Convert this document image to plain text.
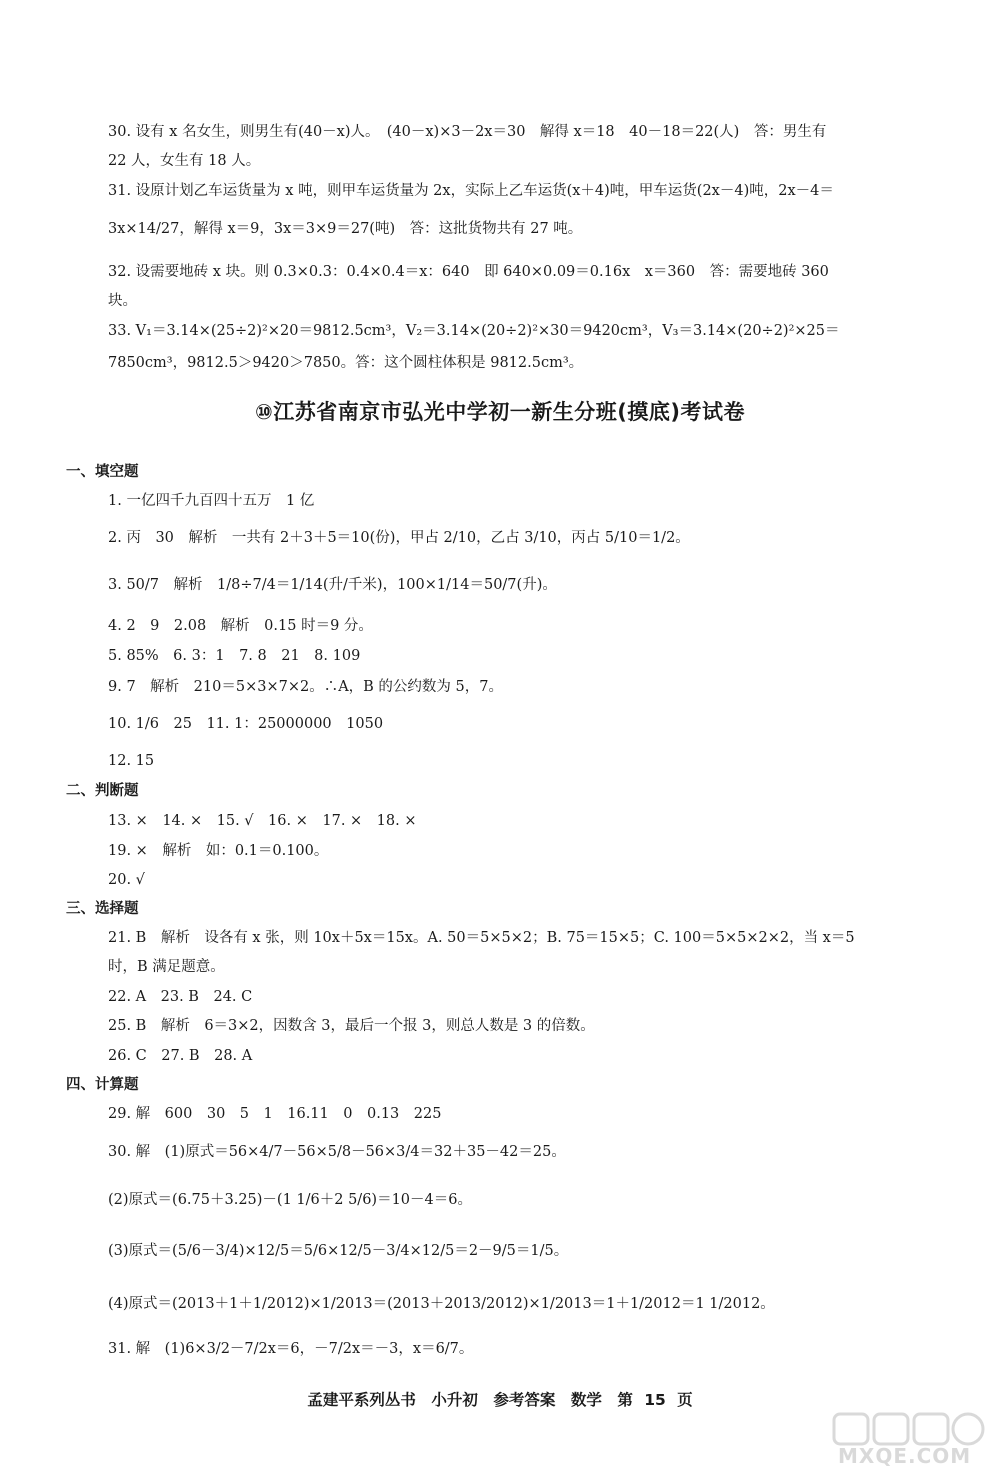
30. 设有 x 名女生，则男生有(40－x)人。　(40－x)×3－2x＝30　解得 x＝18　40－18＝22(人)　答：男生有
22 人，女生有 18 人。
31. 设原计划乙车运货量为 x 吨，则甲车运货量为 2x，实际上乙车运货(x＋4)吨，甲车运货(2x－4)吨，2x－4＝
3x×14/27，解得 x＝9，3x＝3×9＝27(吨)　答：这批货物共有 27 吨。
32. 设需要地砖 x 块。则 0.3×0.3：0.4×0.4＝x：640　即 640×0.09＝0.16x　x＝360　答：需要地砖 360
块。
33. V₁＝3.14×(25÷2)²×20＝9812.5cm³，V₂＝3.14×(20÷2)²×30＝9420cm³，V₃＝3.14×(20÷2)²×25＝
7850cm³，9812.5＞9420＞7850。答：这个圆柱体积是 9812.5cm³。
⑩江苏省南京市弘光中学初一新生分班(摸底)考试卷
一、填空题
1. 一亿四千九百四十五万　1 亿
2. 丙　30　解析　一共有 2＋3＋5＝10(份)，甲占 2/10，乙占 3/10，丙占 5/10＝1/2。
3. 50/7　解析　1/8÷7/4＝1/14(升/千米)，100×1/14＝50/7(升)。
4. 2　9　2.08　解析　0.15 时＝9 分。
5. 85%　6. 3：1　7. 8　21　8. 109
9. 7　解析　210＝5×3×7×2。∴A，B 的公约数为 5，7。
10. 1/6　25　11. 1：25000000　1050
12. 15
二、判断题
13. ×　14. ×　15. √　16. ×　17. ×　18. ×
19. ×　解析　如：0.1＝0.100。
20. √
三、选择题
21. B　解析　设各有 x 张，则 10x＋5x＝15x。A. 50＝5×5×2；B. 75＝15×5；C. 100＝5×5×2×2，当 x＝5
时，B 满足题意。
22. A　23. B　24. C
25. B　解析　6＝3×2，因数含 3，最后一个报 3，则总人数是 3 的倍数。
26. C　27. B　28. A
四、计算题
29. 解　600　30　5　1　16.11　0　0.13　225
30. 解　(1)原式＝56×4/7－56×5/8－56×3/4＝32＋35－42＝25。
(2)原式＝(6.75＋3.25)－(1 1/6＋2 5/6)＝10－4＝6。
(3)原式＝(5/6－3/4)×12/5＝5/6×12/5－3/4×12/5＝2－9/5＝1/5。
(4)原式＝(2013＋1＋1/2012)×1/2013＝(2013＋2013/2012)×1/2013＝1＋1/2012＝1 1/2012。
31. 解　(1)6×3/2－7/2x＝6，－7/2x＝－3，x＝6/7。
孟建平系列丛书　小升初　参考答案　数学　第 15 页
MXQE.COM
